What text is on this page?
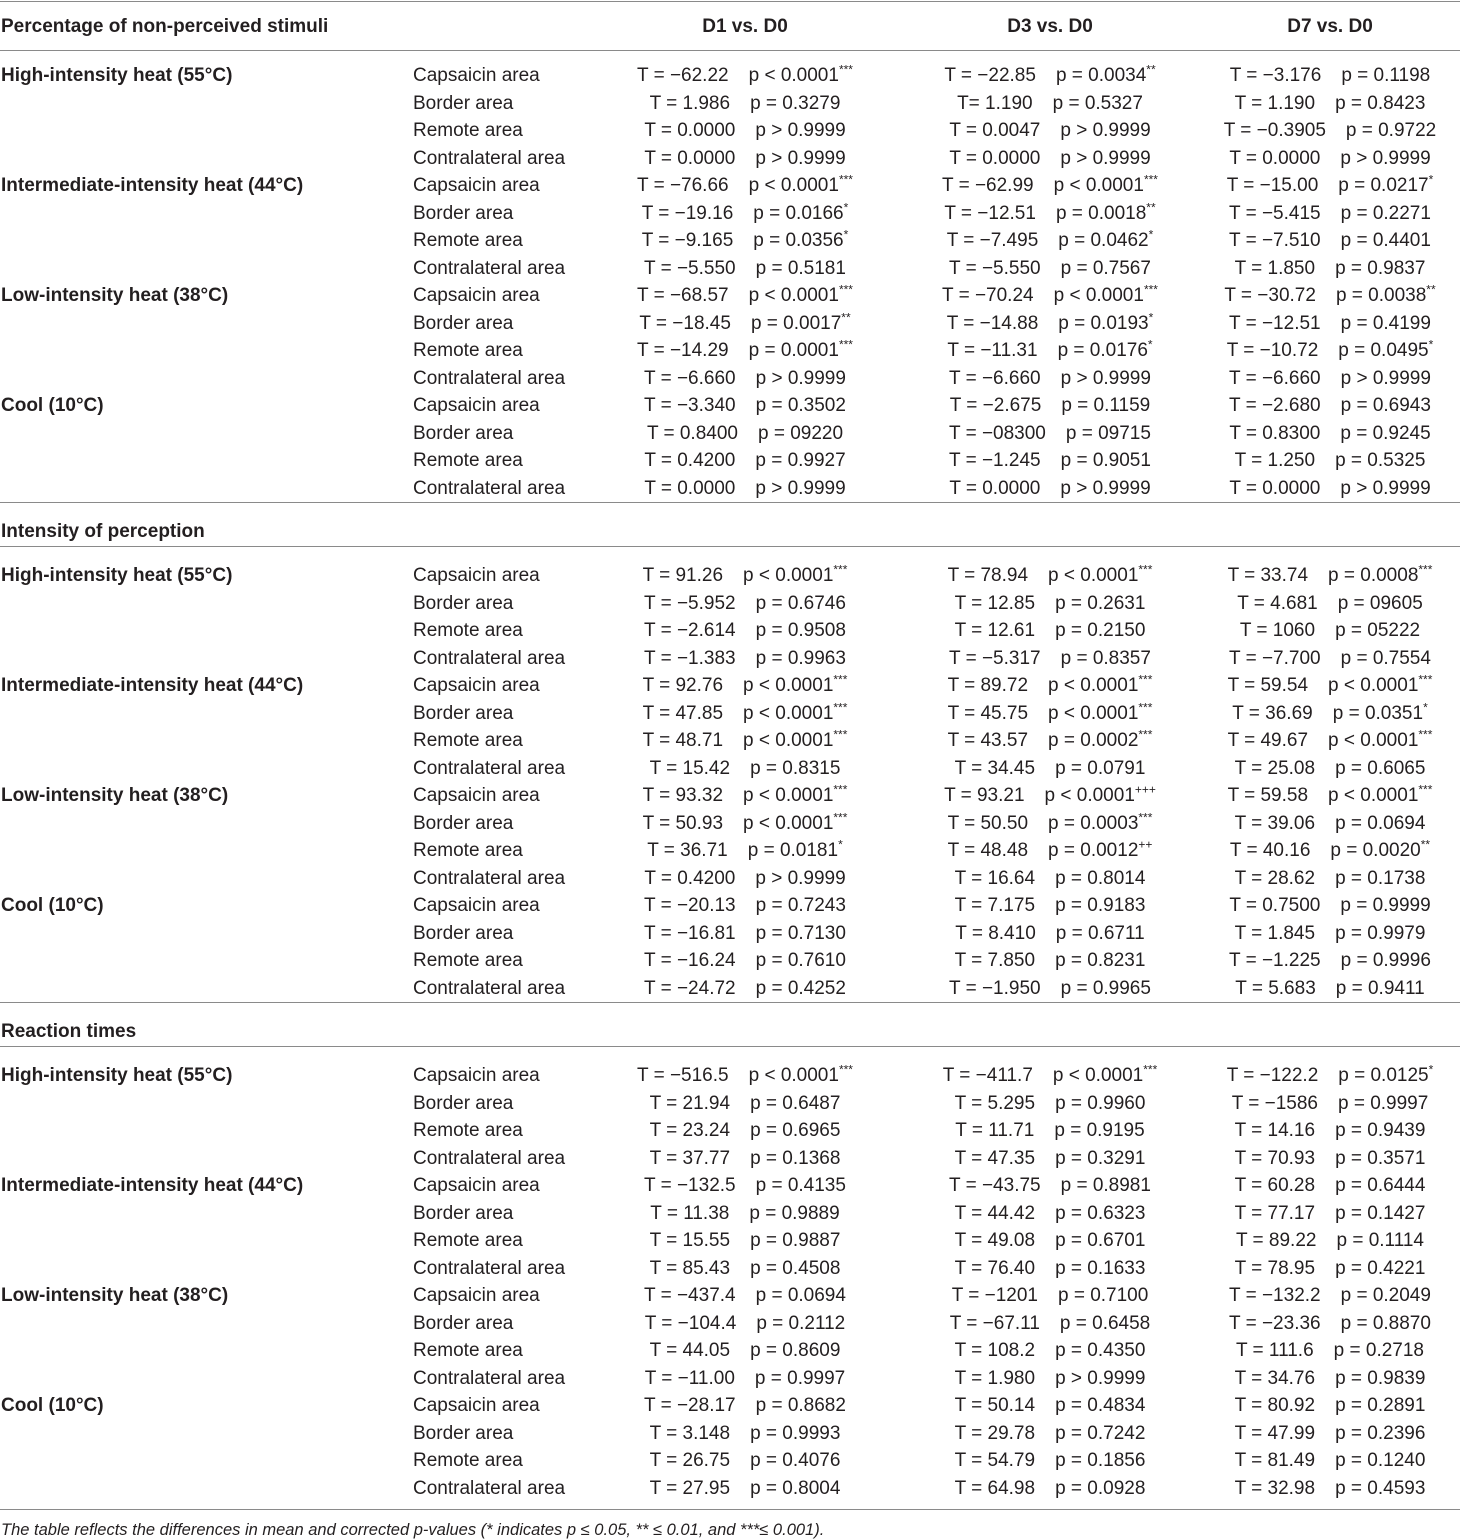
Percentage of non-perceived stimuli	D1 vs. D0	D3 vs. D0	D7 vs. D0
High-intensity heat (55°C)	Capsaicin area	T = −62.22 p < 0.0001***	T = −22.85 p = 0.0034**	T = −3.176 p = 0.1198
Border area	T = 1.986 p = 0.3279	T= 1.190 p = 0.5327	T = 1.190 p = 0.8423
Remote area	T = 0.0000 p > 0.9999	T = 0.0047 p > 0.9999	T = −0.3905 p = 0.9722
Contralateral area	T = 0.0000 p > 0.9999	T = 0.0000 p > 0.9999	T = 0.0000 p > 0.9999
Intermediate-intensity heat (44°C)	Capsaicin area	T = −76.66 p < 0.0001***	T = −62.99 p < 0.0001***	T = −15.00 p = 0.0217*
Border area	T = −19.16 p = 0.0166*	T = −12.51 p = 0.0018**	T = −5.415 p = 0.2271
Remote area	T = −9.165 p = 0.0356*	T = −7.495 p = 0.0462*	T = −7.510 p = 0.4401
Contralateral area	T = −5.550 p = 0.5181	T = −5.550 p = 0.7567	T = 1.850 p = 0.9837
Low-intensity heat (38°C)	Capsaicin area	T = −68.57 p < 0.0001***	T = −70.24 p < 0.0001***	T = −30.72 p = 0.0038**
Border area	T = −18.45 p = 0.0017**	T = −14.88 p = 0.0193*	T = −12.51 p = 0.4199
Remote area	T = −14.29 p = 0.0001***	T = −11.31 p = 0.0176*	T = −10.72 p = 0.0495*
Contralateral area	T = −6.660 p > 0.9999	T = −6.660 p > 0.9999	T = −6.660 p > 0.9999
Cool (10°C)	Capsaicin area	T = −3.340 p = 0.3502	T = −2.675 p = 0.1159	T = −2.680 p = 0.6943
Border area	T = 0.8400 p = 09220	T = −08300 p = 09715	T = 0.8300 p = 0.9245
Remote area	T = 0.4200 p = 0.9927	T = −1.245 p = 0.9051	T = 1.250 p = 0.5325
Contralateral area	T = 0.0000 p > 0.9999	T = 0.0000 p > 0.9999	T = 0.0000 p > 0.9999
Intensity of perception
High-intensity heat (55°C)	Capsaicin area	T = 91.26 p < 0.0001***	T = 78.94 p < 0.0001***	T = 33.74 p = 0.0008***
Border area	T = −5.952 p = 0.6746	T = 12.85 p = 0.2631	T = 4.681 p = 09605
Remote area	T = −2.614 p = 0.9508	T = 12.61 p = 0.2150	T = 1060 p = 05222
Contralateral area	T = −1.383 p = 0.9963	T = −5.317 p = 0.8357	T = −7.700 p = 0.7554
Intermediate-intensity heat (44°C)	Capsaicin area	T = 92.76 p < 0.0001***	T = 89.72 p < 0.0001***	T = 59.54 p < 0.0001***
Border area	T = 47.85 p < 0.0001***	T = 45.75 p < 0.0001***	T = 36.69 p = 0.0351*
Remote area	T = 48.71 p < 0.0001***	T = 43.57 p = 0.0002***	T = 49.67 p < 0.0001***
Contralateral area	T = 15.42 p = 0.8315	T = 34.45 p = 0.0791	T = 25.08 p = 0.6065
Low-intensity heat (38°C)	Capsaicin area	T = 93.32 p < 0.0001***	T = 93.21 p < 0.0001+++	T = 59.58 p < 0.0001***
Border area	T = 50.93 p < 0.0001***	T = 50.50 p = 0.0003***	T = 39.06 p = 0.0694
Remote area	T = 36.71 p = 0.0181*	T = 48.48 p = 0.0012++	T = 40.16 p = 0.0020**
Contralateral area	T = 0.4200 p > 0.9999	T = 16.64 p = 0.8014	T = 28.62 p = 0.1738
Cool (10°C)	Capsaicin area	T = −20.13 p = 0.7243	T = 7.175 p = 0.9183	T = 0.7500 p = 0.9999
Border area	T = −16.81 p = 0.7130	T = 8.410 p = 0.6711	T = 1.845 p = 0.9979
Remote area	T = −16.24 p = 0.7610	T = 7.850 p = 0.8231	T = −1.225 p = 0.9996
Contralateral area	T = −24.72 p = 0.4252	T = −1.950 p = 0.9965	T = 5.683 p = 0.9411
Reaction times
High-intensity heat (55°C)	Capsaicin area	T = −516.5 p < 0.0001***	T = −411.7 p < 0.0001***	T = −122.2 p = 0.0125*
Border area	T = 21.94 p = 0.6487	T = 5.295 p = 0.9960	T = −1586 p = 0.9997
Remote area	T = 23.24 p = 0.6965	T = 11.71 p = 0.9195	T = 14.16 p = 0.9439
Contralateral area	T = 37.77 p = 0.1368	T = 47.35 p = 0.3291	T = 70.93 p = 0.3571
Intermediate-intensity heat (44°C)	Capsaicin area	T = −132.5 p = 0.4135	T = −43.75 p = 0.8981	T = 60.28 p = 0.6444
Border area	T = 11.38 p = 0.9889	T = 44.42 p = 0.6323	T = 77.17 p = 0.1427
Remote area	T = 15.55 p = 0.9887	T = 49.08 p = 0.6701	T = 89.22 p = 0.1114
Contralateral area	T = 85.43 p = 0.4508	T = 76.40 p = 0.1633	T = 78.95 p = 0.4221
Low-intensity heat (38°C)	Capsaicin area	T = −437.4 p = 0.0694	T = −1201 p = 0.7100	T = −132.2 p = 0.2049
Border area	T = −104.4 p = 0.2112	T = −67.11 p = 0.6458	T = −23.36 p = 0.8870
Remote area	T = 44.05 p = 0.8609	T = 108.2 p = 0.4350	T = 111.6 p = 0.2718
Contralateral area	T = −11.00 p = 0.9997	T = 1.980 p > 0.9999	T = 34.76 p = 0.9839
Cool (10°C)	Capsaicin area	T = −28.17 p = 0.8682	T = 50.14 p = 0.4834	T = 80.92 p = 0.2891
Border area	T = 3.148 p = 0.9993	T = 29.78 p = 0.7242	T = 47.99 p = 0.2396
Remote area	T = 26.75 p = 0.4076	T = 54.79 p = 0.1856	T = 81.49 p = 0.1240
Contralateral area	T = 27.95 p = 0.8004	T = 64.98 p = 0.0928	T = 32.98 p = 0.4593
The table reflects the differences in mean and corrected p-values (* indicates p ≤ 0.05, ** ≤ 0.01, and ***≤ 0.001).
